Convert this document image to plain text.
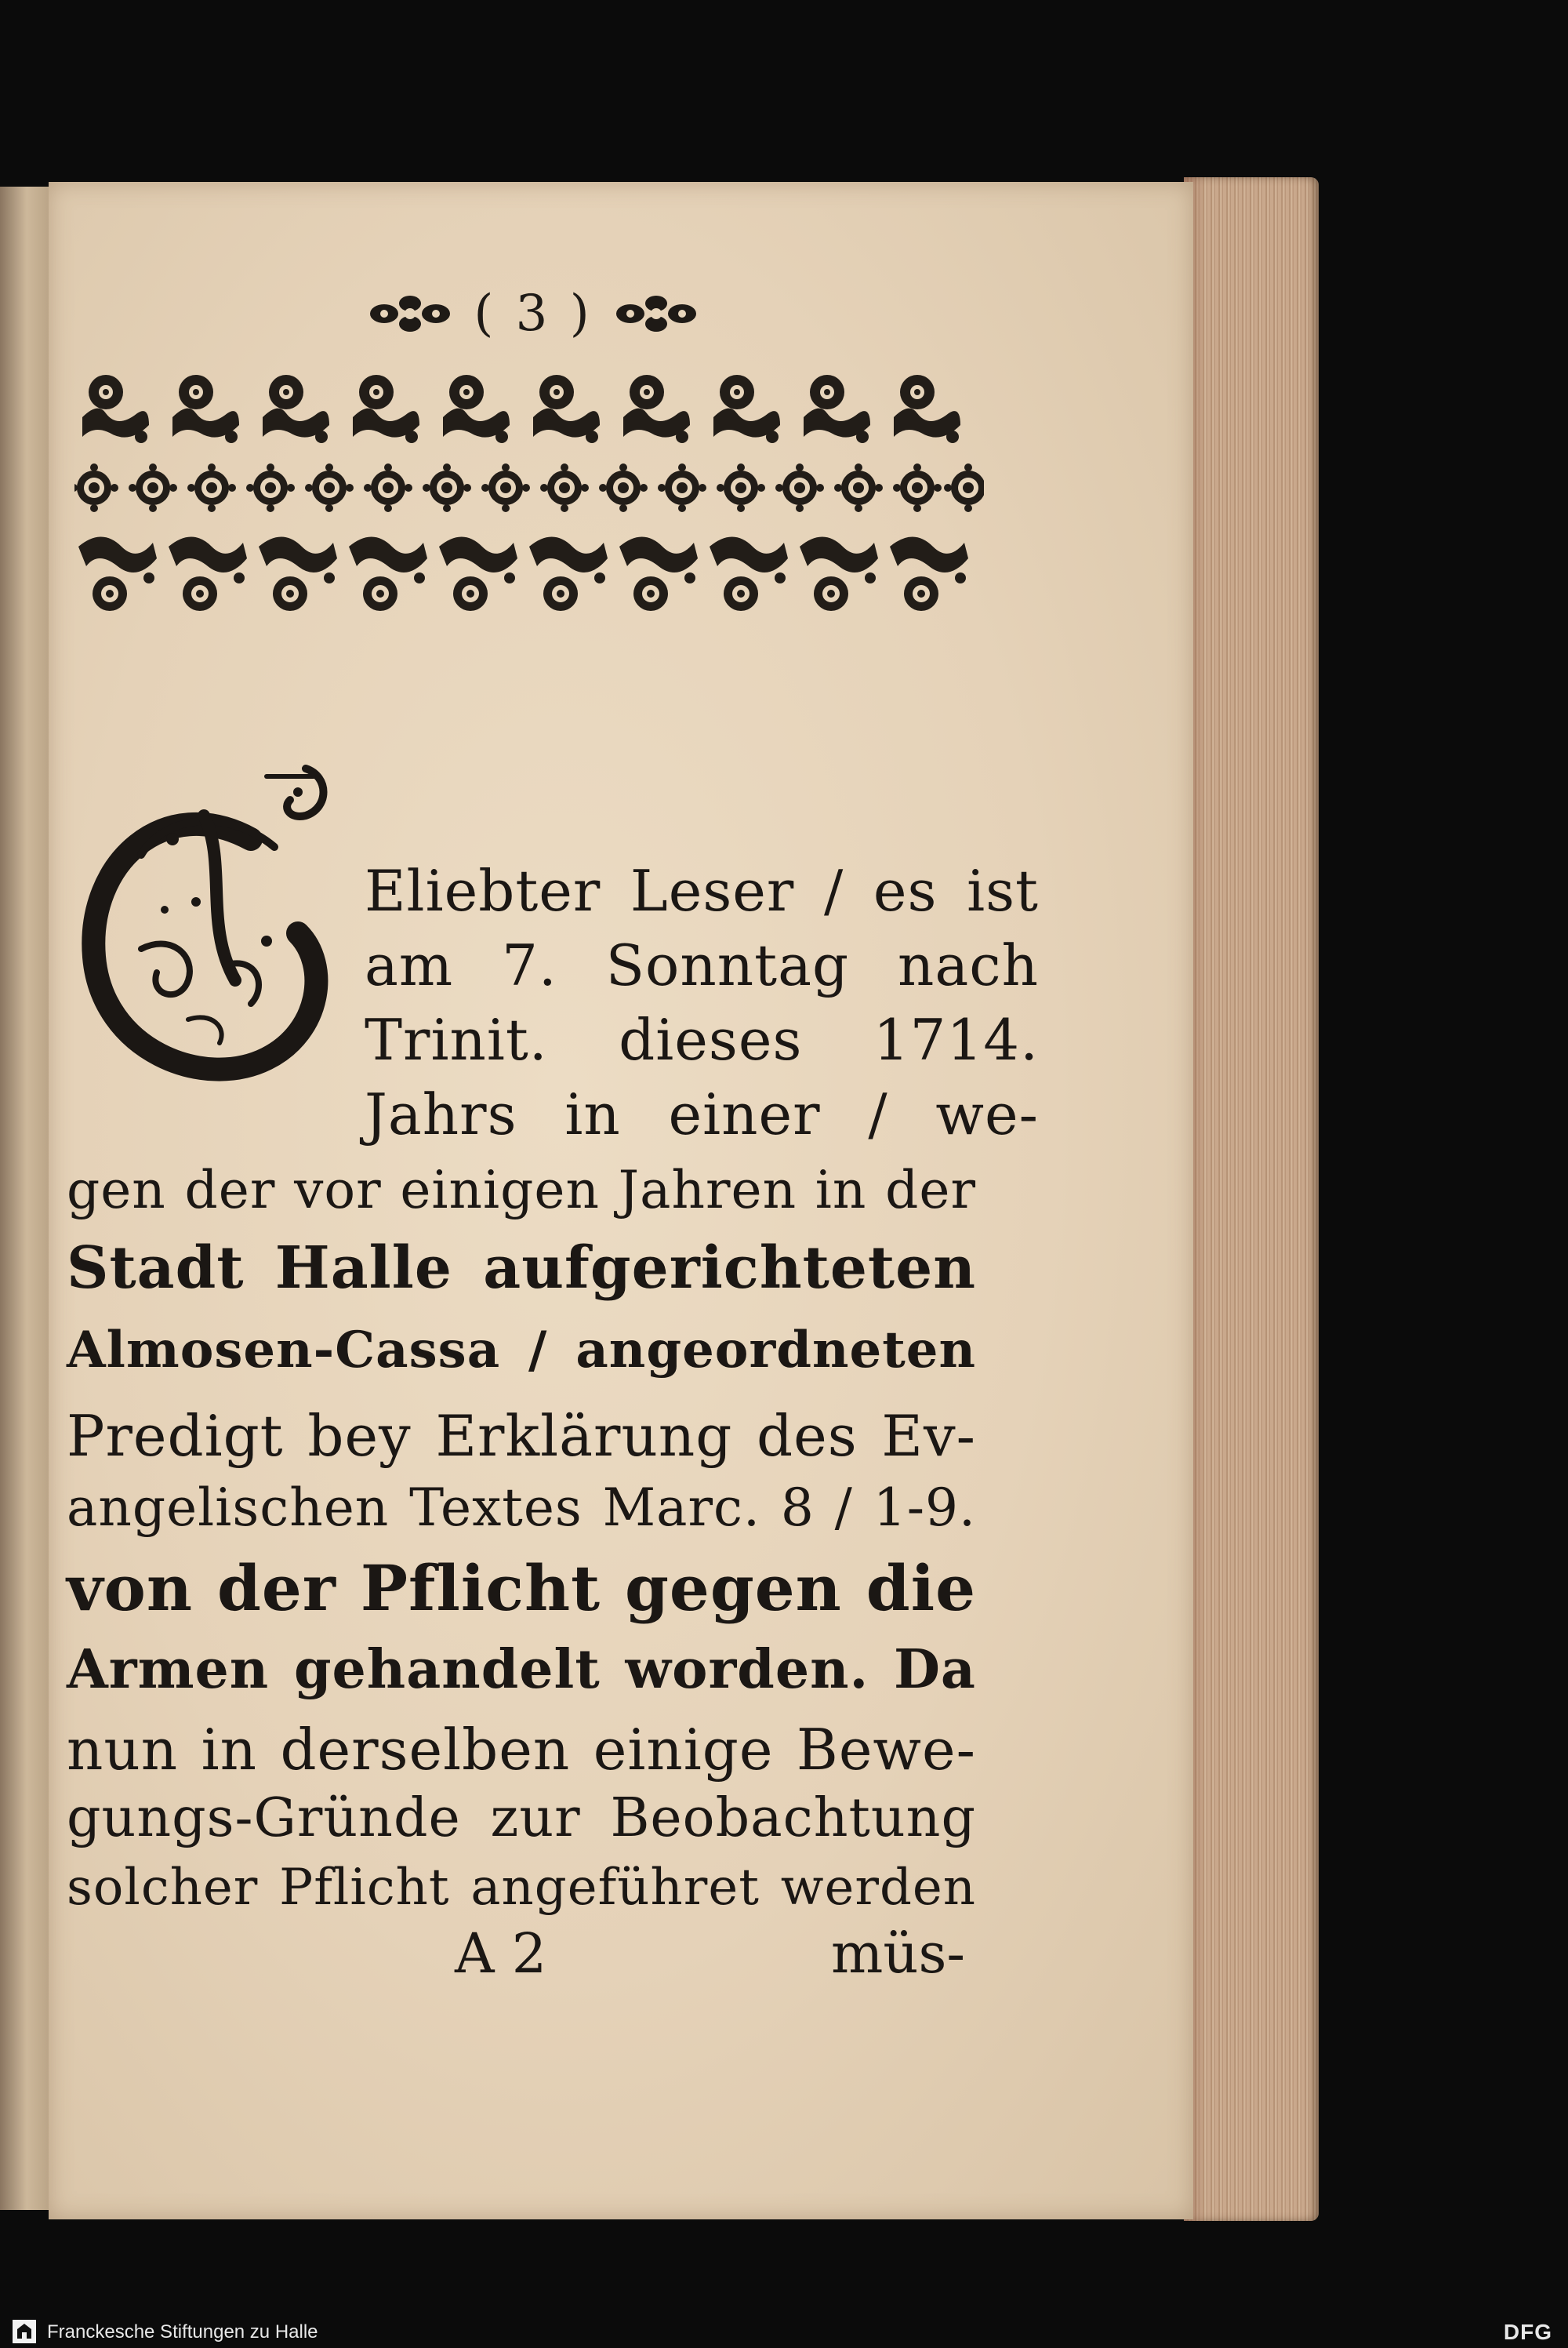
( 3 )
G
Eliebter Leser / es ist
am 7. Sonntag nach
Trinit. dieses 1714.
Jahrs in einer / we-
gen der vor einigen Jahren in der
Stadt Halle aufgerichteten
Almosen-Cassa / angeordneten
Predigt bey Erklärung des Ev-
angelischen Textes Marc. 8 / 1-9.
von der Pflicht gegen die
Armen gehandelt worden. Da
nun in derselben einige Bewe-
gungs-Gründe zur Beobachtung
solcher Pflicht angeführet werden
A 2	müs-
Franckesche Stiftungen zu Halle	DFG
